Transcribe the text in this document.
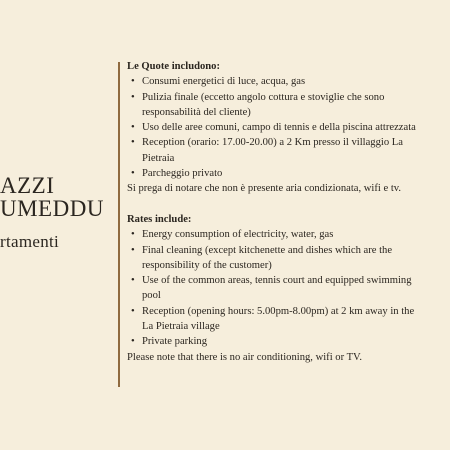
AZZI
UMEDDU
rtamenti

Le Quote includono:

• Consumi energetici di luce, acqua, gas
• Pulizia finale (eccetto angolo cottura e stoviglie che sono responsabilità del cliente)
• Uso delle aree comuni, campo di tennis e della piscina attrezzata
• Reception (orario: 17.00-20.00) a 2 Km presso il villaggio La Pietraia
• Parcheggio privato

Si prega di notare che non è presente aria condizionata, wifi e tv.

Rates include:

• Energy consumption of electricity, water, gas
• Final cleaning (except kitchenette and dishes which are the responsibility of the customer)
• Use of the common areas, tennis court and equipped swimming pool
• Reception (opening hours: 5.00pm-8.00pm) at 2 km away in the La Pietraia village
• Private parking

Please note that there is no air conditioning, wifi or TV.
